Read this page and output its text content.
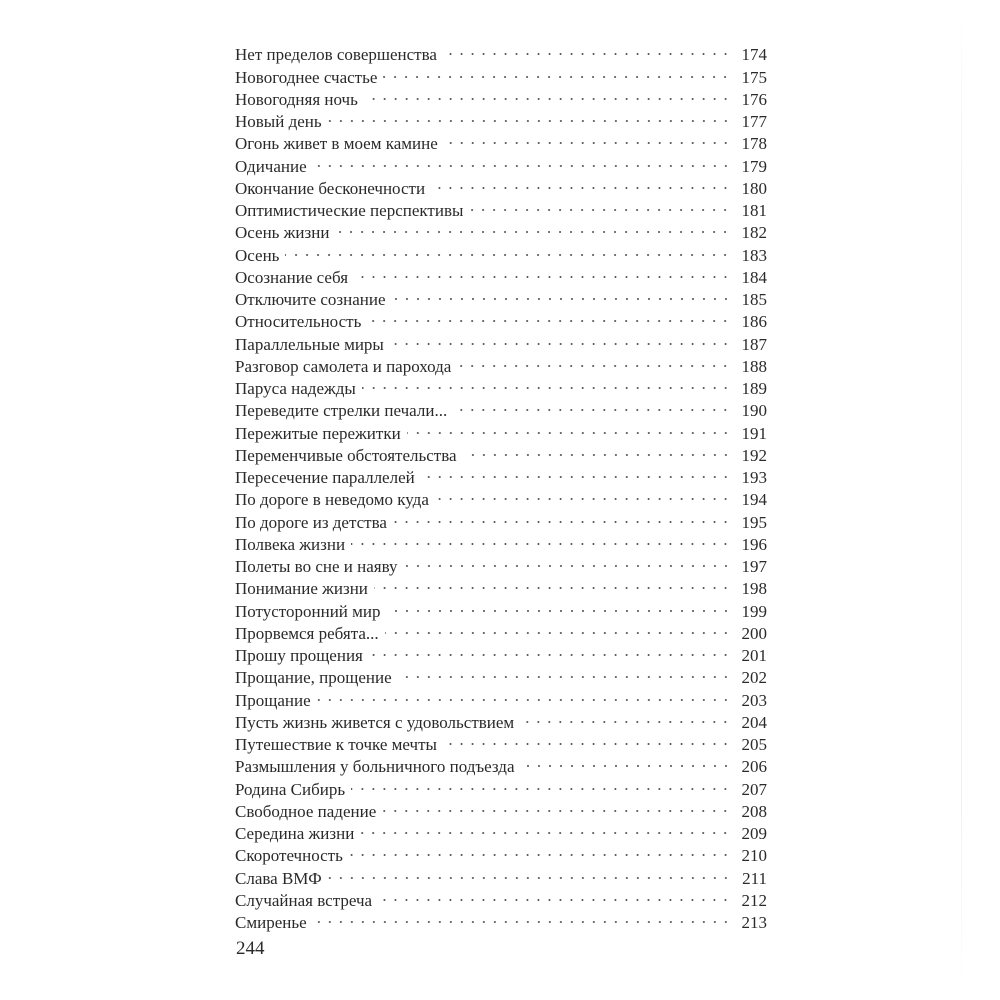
Нет пределов совершенства	174
Новогоднее счастье	175
Новогодняя ночь	176
Новый день	177
Огонь живет в моем камине	178
Одичание	179
Окончание бесконечности	180
Оптимистические перспективы	181
Осень жизни	182
Осень	183
Осознание себя	184
Отключите сознание	185
Относительность	186
Параллельные миры	187
Разговор самолета и парохода	188
Паруса надежды	189
Переведите стрелки печали...	190
Пережитые пережитки	191
Переменчивые обстоятельства	192
Пересечение параллелей	193
По дороге в неведомо куда	194
По дороге из детства	195
Полвека жизни	196
Полеты во сне и наяву	197
Понимание жизни	198
Потусторонний мир	199
Прорвемся ребята...	200
Прошу прощения	201
Прощание, прощение	202
Прощание	203
Пусть жизнь живется с удовольствием	204
Путешествие к точке мечты	205
Размышления у больничного подъезда	206
Родина Сибирь	207
Свободное падение	208
Середина жизни	209
Скоротечность	210
Слава ВМФ	211
Случайная встреча	212
Смиренье	213
244
